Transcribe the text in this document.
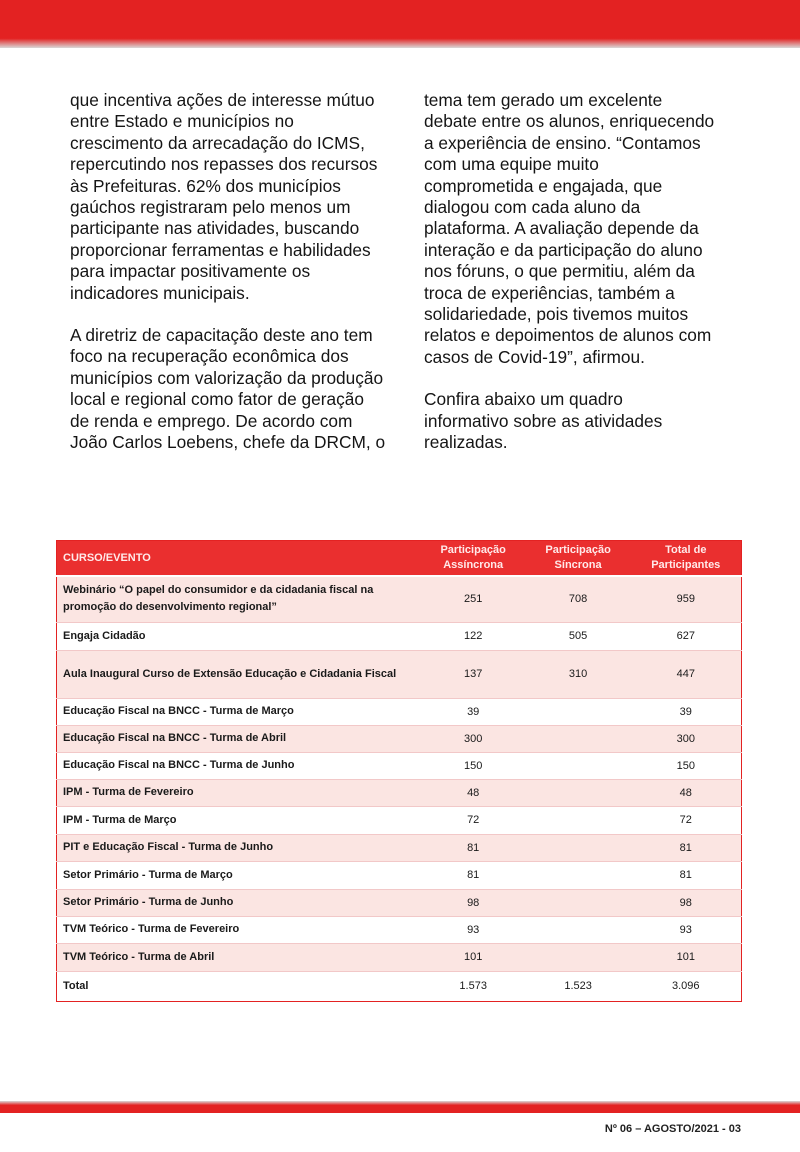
que incentiva ações de interesse mútuo
entre Estado e municípios no
crescimento da arrecadação do ICMS,
repercutindo nos repasses dos recursos
às Prefeituras. 62% dos municípios
gaúchos registraram pelo menos um
participante nas atividades, buscando
proporcionar ferramentas e habilidades
para impactar positivamente os
indicadores municipais.

A diretriz de capacitação deste ano tem
foco na recuperação econômica dos
municípios com valorização da produção
local e regional como fator de geração
de renda e emprego. De acordo com
João Carlos Loebens, chefe da DRCM, o

tema tem gerado um excelente
debate entre os alunos, enriquecendo
a experiência de ensino. “Contamos
com uma equipe muito
comprometida e engajada, que
dialogou com cada aluno da
plataforma. A avaliação depende da
interação e da participação do aluno
nos fóruns, o que permitiu, além da
troca de experiências, também a
solidariedade, pois tivemos muitos
relatos e depoimentos de alunos com
casos de Covid-19”, afirmou.

Confira abaixo um quadro
informativo sobre as atividades
realizadas.

CURSO/EVENTO	Participação Assíncrona	Participação Síncrona	Total de Participantes
Webinário “O papel do consumidor e da cidadania fiscal na promoção do desenvolvimento regional”	251	708	959
Engaja Cidadão	122	505	627
Aula Inaugural Curso de Extensão Educação e Cidadania Fiscal	137	310	447
Educação Fiscal na BNCC - Turma de Março	39		39
Educação Fiscal na BNCC - Turma de Abril	300		300
Educação Fiscal na BNCC - Turma de Junho	150		150
IPM - Turma de Fevereiro	48		48
IPM - Turma de Março	72		72
PIT e Educação Fiscal - Turma de Junho	81		81
Setor Primário - Turma de Março	81		81
Setor Primário - Turma de Junho	98		98
TVM Teórico - Turma de Fevereiro	93		93
TVM Teórico - Turma de Abril	101		101
Total	1.573	1.523	3.096
Nº 06 – AGOSTO/2021 - 03
